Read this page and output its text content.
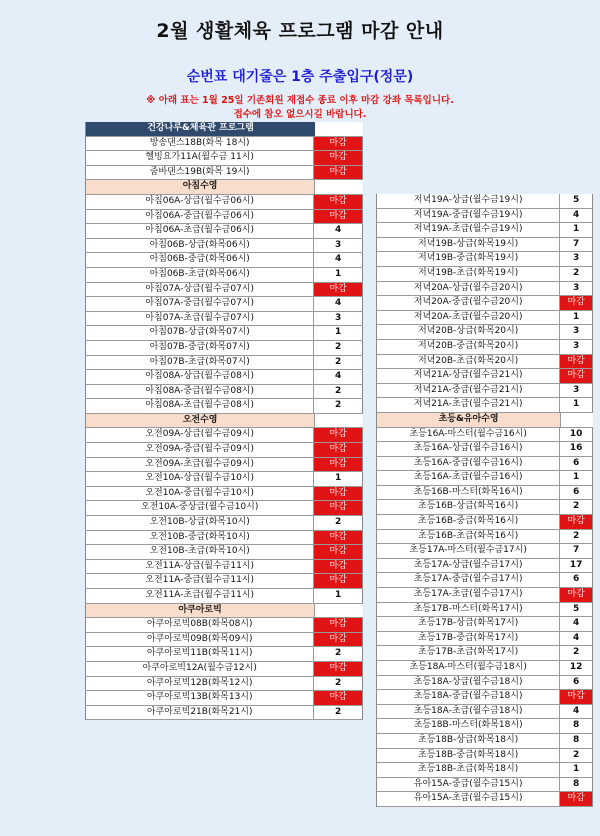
2월 생활체육 프로그램 마감 안내
순번표 대기줄은 1층 주출입구(정문)
※ 아래 표는 1월 25일 기존회원 재접수 종료 이후 마감 강좌 목록입니다.
접수에 참오 없으시길 바랍니다.
건강나루&체육관 프로그램
방송댄스18B(화목 18시)	마감
헬빙요가11A(월수금 11시)	마감
줌바댄스19B(화목 19시)	마감
아침수영
아침06A-상급(월수금06시)	마감
아침06A-중급(월수금06시)	마감
아침06A-초급(월수금06시)	4
아침06B-상급(화목06시)	3
아침06B-중급(화목06시)	4
아침06B-초급(화목06시)	1
아침07A-상급(월수금07시)	마감
아침07A-중급(월수금07시)	4
아침07A-초급(월수금07시)	3
아침07B-상급(화목07시)	1
아침07B-중급(화목07시)	2
아침07B-초급(화목07시)	2
아침08A-상급(월수금08시)	4
아침08A-중급(월수금08시)	2
아침08A-초급(월수금08시)	2
오전수영
오전09A-상급(월수금09시)	마감
오전09A-중급(월수금09시)	마감
오전09A-초급(월수금09시)	마감
오전10A-상급(월수금10시)	1
오전10A-중급(월수금10시)	마감
오전10A-중상급(월수금10시)	마감
오전10B-상급(화목10시)	2
오전10B-중급(화목10시)	마감
오전10B-초급(화목10시)	마감
오전11A-상급(월수금11시)	마감
오전11A-중급(월수금11시)	마감
오전11A-초급(월수금11시)	1
아쿠아로빅
아쿠아로빅08B(화목08시)	마감
아쿠아로빅09B(화목09시)	마감
아쿠아로빅11B(화목11시)	2
아쿠아로빅12A(월수금12시)	마감
아쿠아로빅12B(화목12시)	2
아쿠아로빅13B(화목13시)	마감
아쿠아로빅21B(화목21시)	2
저녁19A-상급(월수금19시)	5
저녁19A-중급(월수금19시)	4
저녁19A-초급(월수금19시)	1
저녁19B-상급(화목19시)	7
저녁19B-중급(화목19시)	3
저녁19B-초급(화목19시)	2
저녁20A-상급(월수금20시)	3
저녁20A-중급(월수금20시)	마감
저녁20A-초급(월수금20시)	1
저녁20B-상급(화목20시)	3
저녁20B-중급(화목20시)	3
저녁20B-초급(화목20시)	마감
저녁21A-상급(월수금21시)	마감
저녁21A-중급(월수금21시)	3
저녁21A-초급(월수금21시)	1
초등&유아수영
초등16A-마스터(월수금16시)	10
초등16A-상급(월수금16시)	16
초등16A-중급(월수금16시)	6
초등16A-초급(월수금16시)	1
초등16B-마스터(화목16시)	6
초등16B-상급(화목16시)	2
초등16B-중급(화목16시)	마감
초등16B-초급(화목16시)	2
초등17A-마스터(월수금17시)	7
초등17A-상급(월수금17시)	17
초등17A-중급(월수금17시)	6
초등17A-초급(월수금17시)	마감
초등17B-마스터(화목17시)	5
초등17B-상급(화목17시)	4
초등17B-중급(화목17시)	4
초등17B-초급(화목17시)	2
초등18A-마스터(월수금18시)	12
초등18A-상급(월수금18시)	6
초등18A-중급(월수금18시)	마감
초등18A-초급(월수금18시)	4
초등18B-마스터(화목18시)	8
초등18B-상급(화목18시)	8
초등18B-중급(화목18시)	2
초등18B-초급(화목18시)	1
유아15A-중급(월수금15시)	8
유아15A-초급(월수금15시)	마감
